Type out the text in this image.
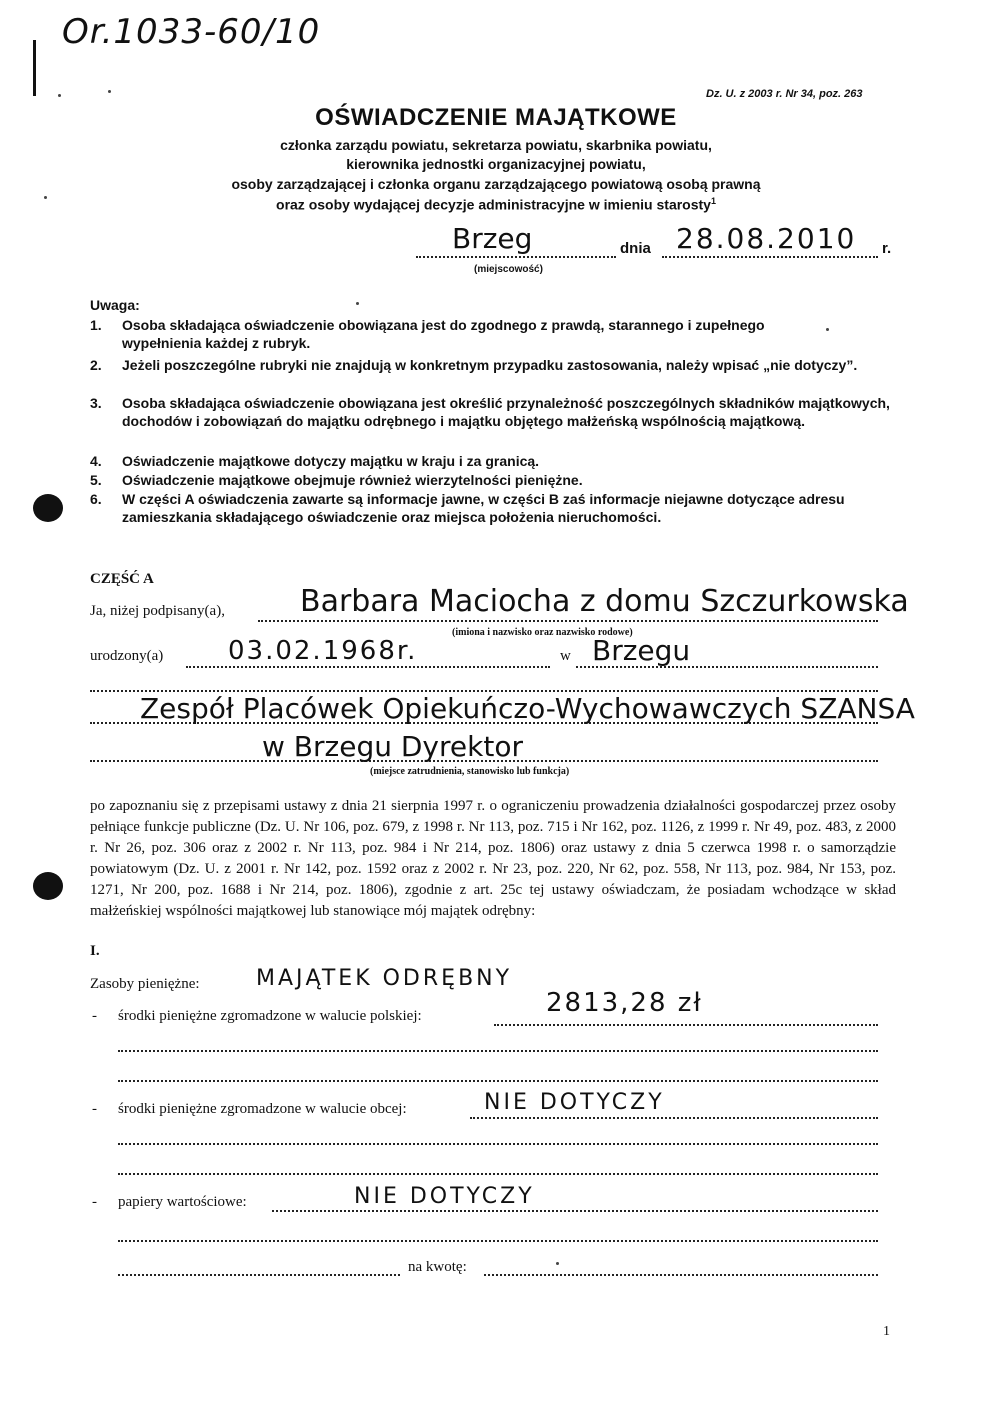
Or.1033-60/10
Dz. U. z 2003 r. Nr 34, poz. 263
OŚWIADCZENIE MAJĄTKOWE
członka zarządu powiatu, sekretarza powiatu, skarbnika powiatu,
kierownika jednostki organizacyjnej powiatu,
osoby zarządzającej i członka organu zarządzającego powiatową osobą prawną
oraz osoby wydającej decyzje administracyjne w imieniu starosty$^1$
Brzeg
(miejscowość)
dnia 28.08.2010 r.
Uwaga:
1.	Osoba składająca oświadczenie obowiązana jest do zgodnego z prawdą, starannego i zupełnego wypełnienia każdej z rubryk.
2.	Jeżeli poszczególne rubryki nie znajdują w konkretnym przypadku zastosowania, należy wpisać „nie dotyczy”.
3.	Osoba składająca oświadczenie obowiązana jest określić przynależność poszczególnych składników majątkowych, dochodów i zobowiązań do majątku odrębnego i majątku objętego małżeńską wspólnością majątkową.
4.	Oświadczenie majątkowe dotyczy majątku w kraju i za granicą.
5.	Oświadczenie majątkowe obejmuje również wierzytelności pieniężne.
6.	W części A oświadczenia zawarte są informacje jawne, w części B zaś informacje niejawne dotyczące adresu zamieszkania składającego oświadczenie oraz miejsca położenia nieruchomości.
CZĘŚĆ A
Ja, niżej podpisany(a),	Barbara Maciocha z domu Szczurkowska
(imiona i nazwisko oraz nazwisko rodowe)
urodzony(a) 03.02.1968r.	w Brzegu
Zespół Placówek Opiekuńczo-Wychowawczych SZANSA
w Brzegu Dyrektor
(miejsce zatrudnienia, stanowisko lub funkcja)
po zapoznaniu się z przepisami ustawy z dnia 21 sierpnia 1997 r. o ograniczeniu prowadzenia działalności gospodarczej przez osoby pełniące funkcje publiczne (Dz. U. Nr 106, poz. 679, z 1998 r. Nr 113, poz. 715 i Nr 162, poz. 1126, z 1999 r. Nr 49, poz. 483, z 2000 r. Nr 26, poz. 306 oraz z 2002 r. Nr 113, poz. 984 i Nr 214, poz. 1806) oraz ustawy z dnia 5 czerwca 1998 r. o samorządzie powiatowym (Dz. U. z 2001 r. Nr 142, poz. 1592 oraz z 2002 r. Nr 23, poz. 220, Nr 62, poz. 558, Nr 113, poz. 984, Nr 153, poz. 1271, Nr 200, poz. 1688 i Nr 214, poz. 1806), zgodnie z art. 25c tej ustawy oświadczam, że posiadam wchodzące w skład małżeńskiej wspólności majątkowej lub stanowiące mój majątek odrębny:
I.
Zasoby pieniężne:	MAJĄTEK ODRĘBNY
- środki pieniężne zgromadzone w walucie polskiej:	2813,28 zł
- środki pieniężne zgromadzone w walucie obcej:	NIE DOTYCZY
- papiery wartościowe:	NIE DOTYCZY
na kwotę:
1
